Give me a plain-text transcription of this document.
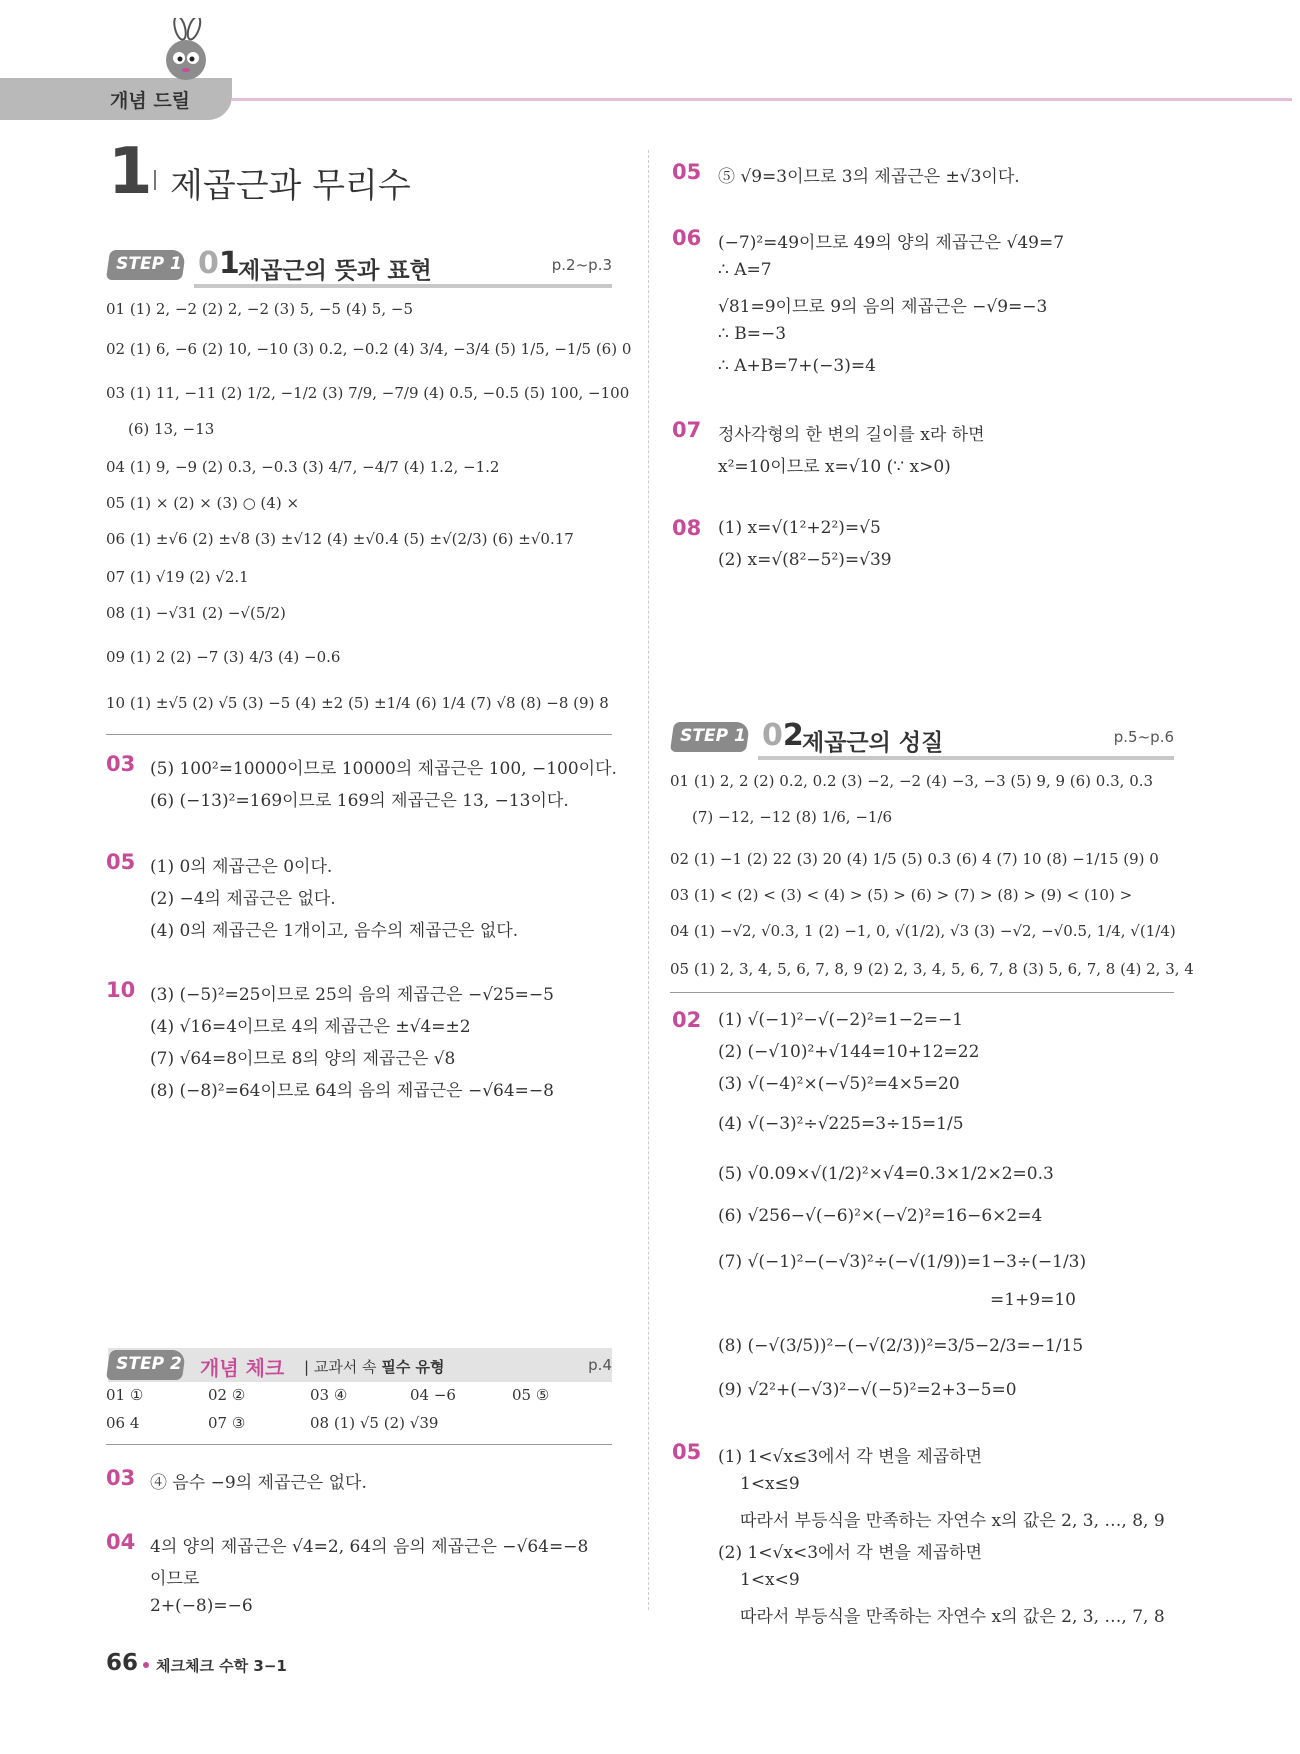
개념 드릴
1 제곱근과 무리수
STEP 1 01
제곱근의 뜻과 표현	p.2~p.3
01 (1) 2, −2 (2) 2, −2 (3) 5, −5 (4) 5, −5
02 (1) 6, −6 (2) 10, −10 (3) 0.2, −0.2 (4) 3/4, −3/4 (5) 1/5, −1/5 (6) 0
03 (1) 11, −11 (2) 1/2, −1/2 (3) 7/9, −7/9 (4) 0.5, −0.5 (5) 100, −100
(6) 13, −13
04 (1) 9, −9 (2) 0.3, −0.3 (3) 4/7, −4/7 (4) 1.2, −1.2
05 (1) × (2) × (3) ○ (4) ×
06 (1) ±√6 (2) ±√8 (3) ±√12 (4) ±√0.4 (5) ±√(2/3) (6) ±√0.17
07 (1) √19 (2) √2.1
08 (1) −√31 (2) −√(5/2)
09 (1) 2 (2) −7 (3) 4/3 (4) −0.6
10 (1) ±√5 (2) √5 (3) −5 (4) ±2 (5) ±1/4 (6) 1/4 (7) √8 (8) −8 (9) 8
03 (5) 100²=10000이므로 10000의 제곱근은 100, −100이다.
(6) (−13)²=169이므로 169의 제곱근은 13, −13이다.
05 (1) 0의 제곱근은 0이다.
(2) −4의 제곱근은 없다.
(4) 0의 제곱근은 1개이고, 음수의 제곱근은 없다.
10 (3) (−5)²=25이므로 25의 음의 제곱근은 −√25=−5
(4) √16=4이므로 4의 제곱근은 ±√4=±2
(7) √64=8이므로 8의 양의 제곱근은 √8
(8) (−8)²=64이므로 64의 음의 제곱근은 −√64=−8
STEP 2 개념 체크 | 교과서 속 필수 유형	p.4
01 ①	02 ②	03 ④	04 −6	05 ⑤
06 4	07 ③	08 (1) √5 (2) √39
03 ④ 음수 −9의 제곱근은 없다.
04 4의 양의 제곱근은 √4=2, 64의 음의 제곱근은 −√64=−8
이므로
2+(−8)=−6
05 ⑤ √9=3이므로 3의 제곱근은 ±√3이다.
06 (−7)²=49이므로 49의 양의 제곱근은 √49=7
∴ A=7
√81=9이므로 9의 음의 제곱근은 −√9=−3
∴ B=−3
∴ A+B=7+(−3)=4
07 정사각형의 한 변의 길이를 x라 하면
x²=10이므로 x=√10 (∵ x>0)
08 (1) x=√(1²+2²)=√5
(2) x=√(8²−5²)=√39
STEP 1 02
제곱근의 성질	p.5~p.6
01 (1) 2, 2 (2) 0.2, 0.2 (3) −2, −2 (4) −3, −3 (5) 9, 9 (6) 0.3, 0.3
(7) −12, −12 (8) 1/6, −1/6
02 (1) −1 (2) 22 (3) 20 (4) 1/5 (5) 0.3 (6) 4 (7) 10 (8) −1/15 (9) 0
03 (1) < (2) < (3) < (4) > (5) > (6) > (7) > (8) > (9) < (10) >
04 (1) −√2, √0.3, 1 (2) −1, 0, √(1/2), √3 (3) −√2, −√0.5, 1/4, √(1/4)
05 (1) 2, 3, 4, 5, 6, 7, 8, 9 (2) 2, 3, 4, 5, 6, 7, 8 (3) 5, 6, 7, 8 (4) 2, 3, 4
02 (1) √(−1)²−√(−2)²=1−2=−1
(2) (−√10)²+√144=10+12=22
(3) √(−4)²×(−√5)²=4×5=20
(4) √(−3)²÷√225=3÷15=1/5
(5) √0.09×√(1/2)²×√4=0.3×1/2×2=0.3
(6) √256−√(−6)²×(−√2)²=16−6×2=4
(7) √(−1)²−(−√3)²÷(−√(1/9))=1−3÷(−1/3)
=1+9=10
(8) (−√(3/5))²−(−√(2/3))²=3/5−2/3=−1/15
(9) √2²+(−√3)²−√(−5)²=2+3−5=0
05 (1) 1<√x≤3에서 각 변을 제곱하면
1<x≤9
따라서 부등식을 만족하는 자연수 x의 값은 2, 3, …, 8, 9
(2) 1<√x<3에서 각 변을 제곱하면
1<x<9
따라서 부등식을 만족하는 자연수 x의 값은 2, 3, …, 7, 8
66 체크체크 수학 3−1
